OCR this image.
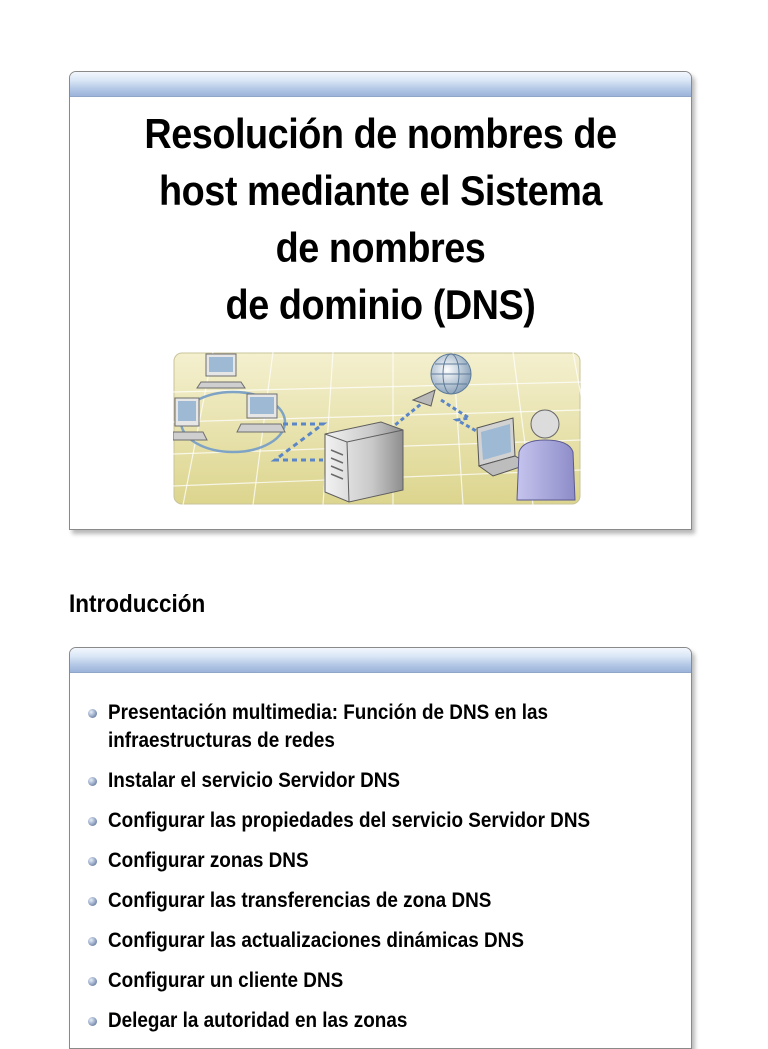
Resolución de nombres de
host mediante el Sistema
de nombres
de dominio (DNS)
Introducción
Presentación multimedia: Función de DNS en las infraestructuras de redes
Instalar el servicio Servidor DNS
Configurar las propiedades del servicio Servidor DNS
Configurar zonas DNS
Configurar las transferencias de zona DNS
Configurar las actualizaciones dinámicas DNS
Configurar un cliente DNS
Delegar la autoridad en las zonas
